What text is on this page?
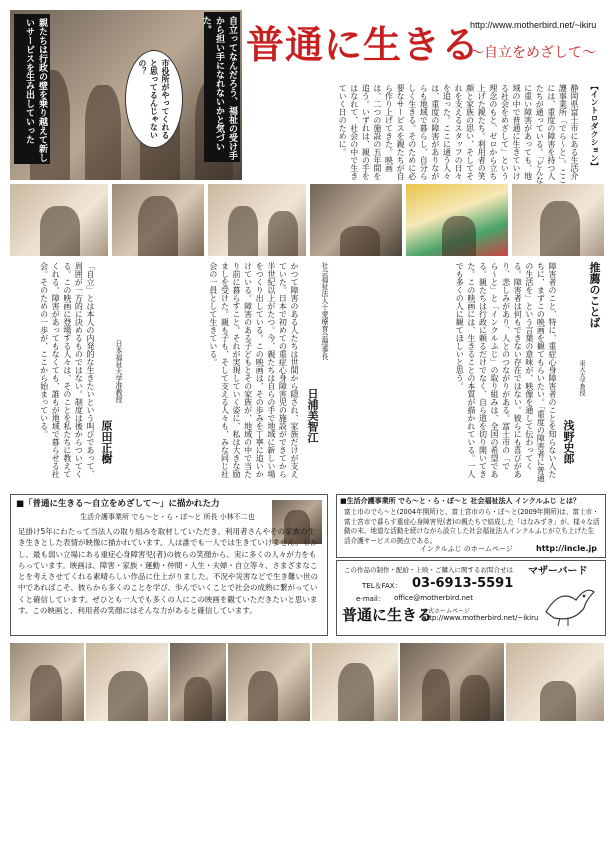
親たちは行政の壁を乗り越えて新しいサービスを生み出していった	市役所がやってくれると思ってるんじゃないの？	自立ってなんだろう、福祉の受け手から担い手になれないかと気づいた。 普通に生きる
http://www.motherbird.net/~ikiru
〜自立をめざして〜
【イントロダクション】
静岡県富士市にある生活介護事業所「でら〜と」。ここには、重度の障害を持つ人たちが通っている。「どんなに重い障害があっても、地域の中で普通に生きていける社会をめざして」という理念のもと、ゼロから立ち上げた親たち。利用者の笑顔と家族の思い、そしてそれを支えるスタッフの日々を追った。ここに通う人々は、重度の障害がありながらも地域で暮らし、自分らしく生きる。そのために必要なサービスを親たちが自ら作り上げてきた。映画は、二つの施設の五年間を追う。いずれは、親の手をはなれて、社会の中で生きていく日のために。
推薦のことば
東大大学教授
浅野史郎
障害者のこと、特に、重症心身障害者のことを知らない人たちに、まずこの映画を観てもらいたい。「重度の障害者に普通の生活を」という言葉の意味が、映像を通して伝わってくる。障害者は何もできない存在ではない。彼らにも喜びがあり、悲しみがあり、人とのつながりがある。富士市の「でら〜と」と「インクルふじ」の取り組みは、全国の希望である。親たちは行政に頼るだけでなく、自ら道を切り開いてきた。この映画には、生きることの本質が描かれている。一人でも多くの人に観てほしいと思う。
社会福祉法人十愛療育会理事長
日浦美智江
かつて障害のある人たちは世間から隠され、家族だけが支えていた。日本で初めての重症心身障害児の施設ができてから半世紀以上がたつ。今、親たちは自らの手で地域に新しい場をつくり出している。この映画は、その歩みを丁寧に追いかけている。障害のある子どもとその家族が、地域の中で当たり前に暮らすこと。それが実現していく姿に、私は大きな励ましを受けた。親も子も、そして支える人々も、みな同じ社会の一員として生きている。
日本福祉大学准教授
原田正樹
「自立」とは本人の内発的な生きたいという叫びであって、周囲が一方的に決めるものではない。制度は後からついてくる。この映画に登場する人々は、そのことを私たちに教えてくれる。障害があってもなくても、誰もが地域で暮らせる社会。そのための一歩が、ここから始まっている。
■「普通に生きる〜自立をめざして〜」に描かれた力
生活介護事業所 でら〜と・ら・ぼ〜と 所長 小林不二也
足掛け5年にわたって当法人の取り組みを取材していただき、利用者さんやその家族の生き生きとした表情が映像に描かれています。人は誰でも一人では生きていけません。しかし、最も弱い立場にある重症心身障害児(者)の彼らの笑顔から、実に多くの人々が力をもらっています。映画は、障害・家族・運動・仲間・人生・夫婦・自立等々、さまざまなことを考えさせてくれる素晴らしい作品に仕上がりました。不況や災害などで生き難い世の中であればこそ、彼らから多くのことを学び、歩んでいくことで社会の成熟に繋がっていくと確信しています。ぜひとも一人でも多くの人にこの映画を観ていただきたいと思います。この映画と、利用者の笑顔にはそんな力があると確信しています。
■生活介護事業所 でら〜と・ら・ぼ〜と 社会福祉法人 インクルふじ とは？
富士市のでら〜と(2004年開所)と、富士宮市のら・ぼ〜と(2009年開所)は、富士市・富士宮市で暮らす重症心身障害児(者)の親たちで結成した「はなみずき」が、様々な活動の末、地道な活動を続けながら設立した社会福祉法人インクルふじが立ち上げた生活介護サービスの拠点である。
インクルふじ のホームページ	http://incle.jp
この作品の制作・配給・上映・ご購入に関するお問合せは マザーバード
TEL＆FAX： 03-6913-5591
e-mail： office@motherbird.net
普通に生きる
公式ホームページ
http://www.motherbird.net/~ikiru
